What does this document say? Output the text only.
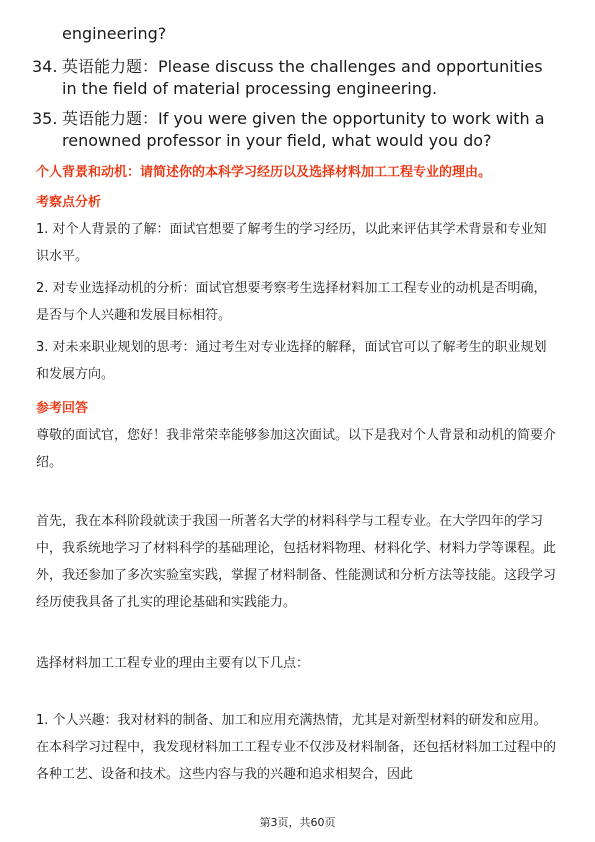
engineering?
34. 英语能力题：Please discuss the challenges and opportunities in the field of material processing engineering.
35. 英语能力题：If you were given the opportunity to work with a renowned professor in your field, what would you do?
个人背景和动机：请简述你的本科学习经历以及选择材料加工工程专业的理由。
考察点分析
1. 对个人背景的了解：面试官想要了解考生的学习经历，以此来评估其学术背景和专业知识水平。
2. 对专业选择动机的分析：面试官想要考察考生选择材料加工工程专业的动机是否明确，是否与个人兴趣和发展目标相符。
3. 对未来职业规划的思考：通过考生对专业选择的解释，面试官可以了解考生的职业规划和发展方向。
参考回答
尊敬的面试官，您好！我非常荣幸能够参加这次面试。以下是我对个人背景和动机的简要介绍。
首先，我在本科阶段就读于我国一所著名大学的材料科学与工程专业。在大学四年的学习中，我系统地学习了材料科学的基础理论，包括材料物理、材料化学、材料力学等课程。此外，我还参加了多次实验室实践，掌握了材料制备、性能测试和分析方法等技能。这段学习经历使我具备了扎实的理论基础和实践能力。
选择材料加工工程专业的理由主要有以下几点：
1. 个人兴趣：我对材料的制备、加工和应用充满热情，尤其是对新型材料的研发和应用。在本科学习过程中，我发现材料加工工程专业不仅涉及材料制备，还包括材料加工过程中的各种工艺、设备和技术。这些内容与我的兴趣和追求相契合，因此
第3页，共60页
